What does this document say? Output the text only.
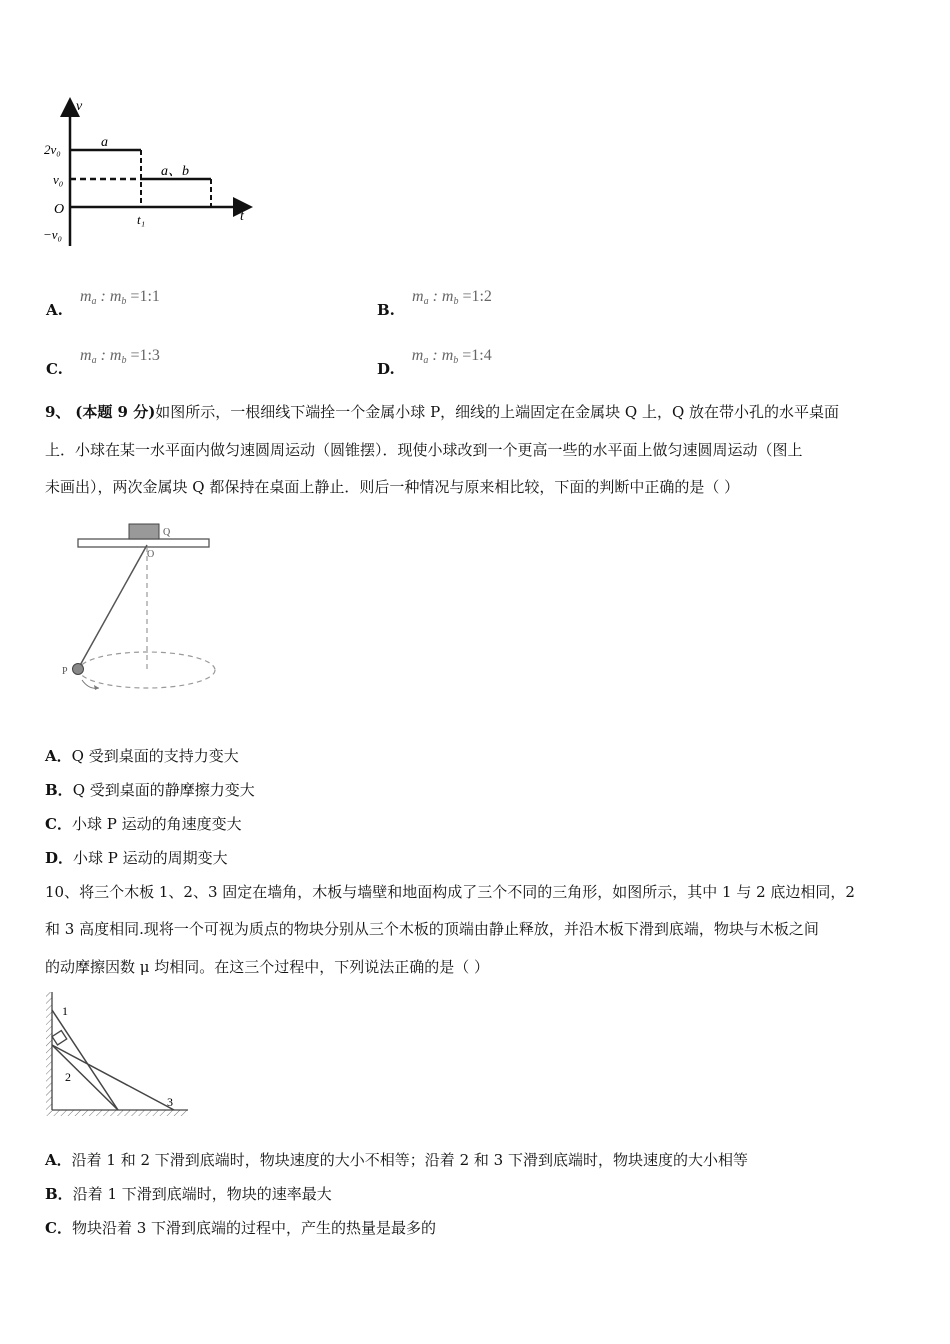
v
t
2v₀
v₀
O
−v₀
t₁
a
a、b
A. $m_a$ : $m_b$ =1:1
B. $m_a$ : $m_b$ =1:2
C. $m_a$ : $m_b$ =1:3
D. $m_a$ : $m_b$ =1:4
9、 (本题 9 分)如图所示，一根细线下端拴一个金属小球 P，细线的上端固定在金属块 Q 上，Q 放在带小孔的水平桌面
上．小球在某一水平面内做匀速圆周运动（圆锥摆）．现使小球改到一个更高一些的水平面上做匀速圆周运动（图上
未画出），两次金属块 Q 都保持在桌面上静止．则后一种情况与原来相比较，下面的判断中正确的是（ ）
Q
O
P
A．Q 受到桌面的支持力变大
B．Q 受到桌面的静摩擦力变大
C．小球 P 运动的角速度变大
D．小球 P 运动的周期变大
10、将三个木板 1、2、3 固定在墙角，木板与墙壁和地面构成了三个不同的三角形，如图所示，其中 1 与 2 底边相同，2
和 3 高度相同.现将一个可视为质点的物块分别从三个木板的顶端由静止释放，并沿木板下滑到底端，物块与木板之间
的动摩擦因数 μ 均相同。在这三个过程中，下列说法正确的是（ ）
1
2
3
A．沿着 1 和 2 下滑到底端时，物块速度的大小不相等；沿着 2 和 3 下滑到底端时，物块速度的大小相等
B．沿着 1 下滑到底端时，物块的速率最大
C．物块沿着 3 下滑到底端的过程中，产生的热量是最多的
